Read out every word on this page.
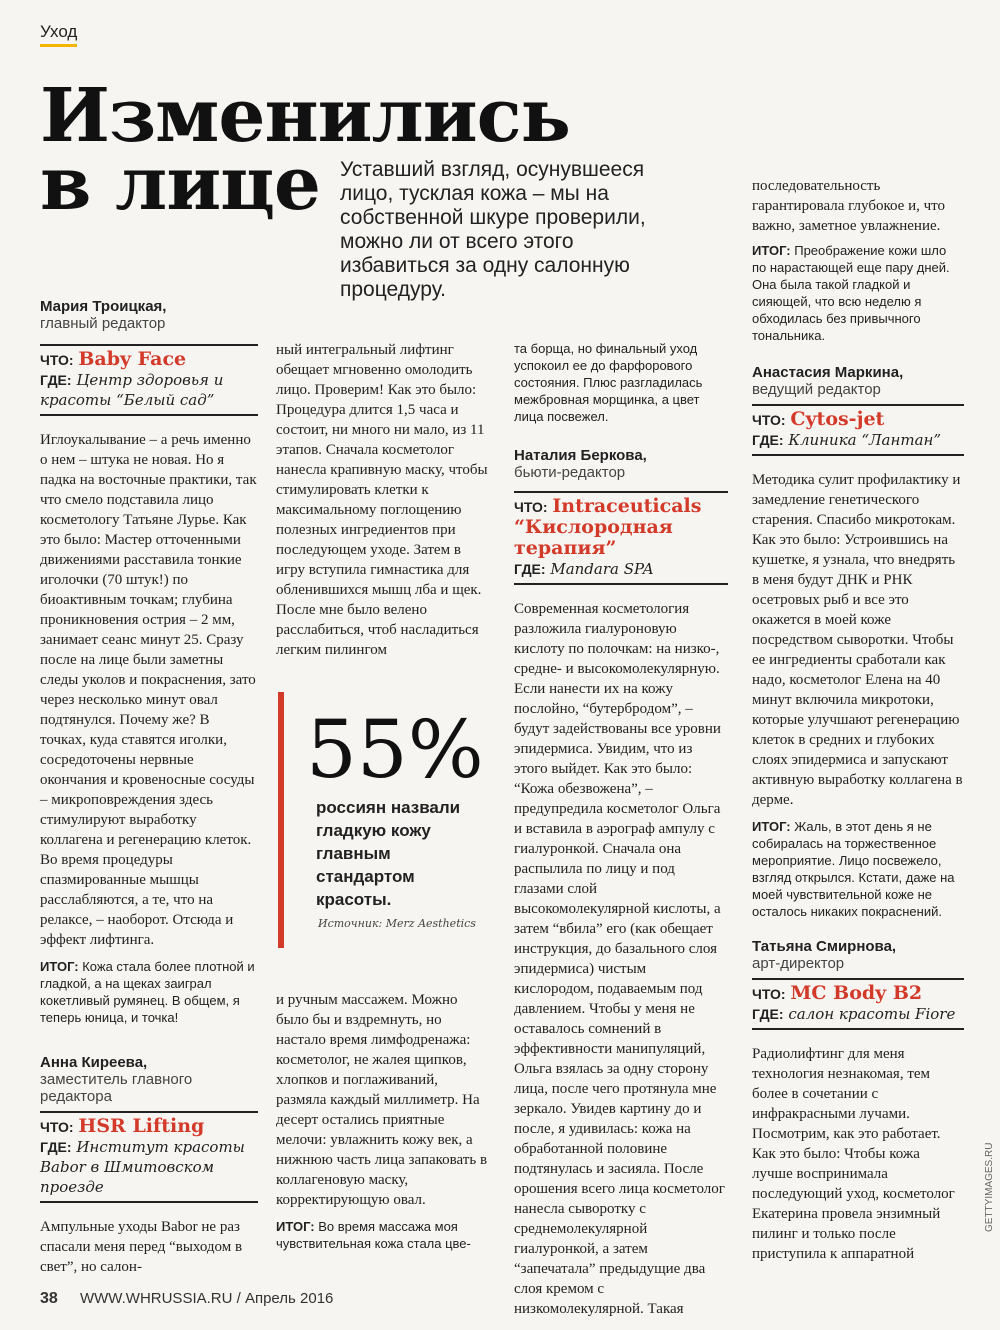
Уход
Изменились
в лице Уставший взгляд, осунувшееся лицо, тусклая кожа – мы на собственной шкуре проверили, можно ли от всего этого избавиться за одну салонную процедуру.
Мария Троицкая,
главный редактор
ЧТО: Baby Face
ГДЕ: Центр здоровья и красоты “Белый сад”
Иглоукалывание – а речь именно о нем – штука не новая. Но я падка на восточные практики, так что смело подставила лицо косметологу Татьяне Лурье. Как это было: Мастер отточенными движениями расставила тонкие иголочки (70 штук!) по биоактивным точкам; глубина проникновения острия – 2 мм, занимает сеанс минут 25. Сразу после на лице были заметны следы уколов и покраснения, зато через несколько минут овал подтянулся. Почему же? В точках, куда ставятся иголки, сосредоточены нервные окончания и кровеносные сосуды – микроповреждения здесь стимулируют выработку коллагена и регенерацию клеток. Во время процедуры спазмированные мышцы расслабляются, а те, что на релаксе, – наоборот. Отсюда и эффект лифтинга.
ИТОГ: Кожа стала более плотной и гладкой, а на щеках заиграл кокетливый румянец. В общем, я теперь юница, и точка!
Анна Киреева,
заместитель главного редактора
ЧТО: HSR Lifting
ГДЕ: Институт красоты Babor в Шмитовском проезде
Ампульные уходы Babor не раз спасали меня перед “выходом в свет”, но салон-
ный интегральный лифтинг обещает мгновенно омолодить лицо. Проверим! Как это было: Процедура длится 1,5 часа и состоит, ни много ни мало, из 11 этапов. Сначала косметолог нанесла крапивную маску, чтобы стимулировать клетки к максимальному поглощению полезных ингредиентов при последующем уходе. Затем в игру вступила гимнастика для обленившихся мышц лба и щек. После мне было велено расслабиться, чтоб насладиться легким пилингом
55%
россиян назвали гладкую кожу главным стандартом красоты.
Источник: Merz Aesthetics
и ручным массажем. Можно было бы и вздремнуть, но настало время лимфодренажа: косметолог, не жалея щипков, хлопков и поглаживаний, размяла каждый миллиметр. На десерт остались приятные мелочи: увлажнить кожу век, а нижнюю часть лица запаковать в коллагеновую маску, корректирующую овал.
ИТОГ: Во время массажа моя чувствительная кожа стала цве-
та борща, но финальный уход успокоил ее до фарфорового состояния. Плюс разгладилась межбровная морщинка, а цвет лица посвежел.
Наталия Беркова,
бьюти-редактор
ЧТО: Intraceuticals “Кислородная терапия”
ГДЕ: Mandara SPA
Современная косметология разложила гиалуроновую кислоту по полочкам: на низко-, средне- и высокомолекулярную. Если нанести их на кожу послойно, “бутербродом”, – будут задействованы все уровни эпидермиса. Увидим, что из этого выйдет. Как это было: “Кожа обезвожена”, – предупредила косметолог Ольга и вставила в аэрограф ампулу с гиалуронкой. Сначала она распылила по лицу и под глазами слой высокомолекулярной кислоты, а затем “вбила” его (как обещает инструкция, до базального слоя эпидермиса) чистым кислородом, подаваемым под давлением. Чтобы у меня не оставалось сомнений в эффективности манипуляций, Ольга взялась за одну сторону лица, после чего протянула мне зеркало. Увидев картину до и после, я удивилась: кожа на обработанной половине подтянулась и засияла. После орошения всего лица косметолог нанесла сыворотку с среднемолекулярной гиалуронкой, а затем “запечатала” предыдущие два слоя кремом с низкомолекулярной. Такая
последовательность гарантировала глубокое и, что важно, заметное увлажнение.
ИТОГ: Преображение кожи шло по нарастающей еще пару дней. Она была такой гладкой и сияющей, что всю неделю я обходилась без привычного тональника.
Анастасия Маркина,
ведущий редактор
ЧТО: Cytos-jet
ГДЕ: Клиника “Лантан”
Методика сулит профилактику и замедление генетического старения. Спасибо микротокам. Как это было: Устроившись на кушетке, я узнала, что внедрять в меня будут ДНК и РНК осетровых рыб и все это окажется в моей коже посредством сыворотки. Чтобы ее ингредиенты сработали как надо, косметолог Елена на 40 минут включила микротоки, которые улучшают регенерацию клеток в средних и глубоких слоях эпидермиса и запускают активную выработку коллагена в дерме.
ИТОГ: Жаль, в этот день я не собиралась на торжественное мероприятие. Лицо посвежело, взгляд открылся. Кстати, даже на моей чувствительной коже не осталось никаких покраснений.
Татьяна Смирнова,
арт-директор
ЧТО: MC Body B2
ГДЕ: салон красоты Fiore
Радиолифтинг для меня технология незнакомая, тем более в сочетании с инфракрасными лучами. Посмотрим, как это работает. Как это было: Чтобы кожа лучше воспринимала последующий уход, косметолог Екатерина провела энзимный пилинг и только после приступила к аппаратной
38 WWW.WHRUSSIA.RU / Апрель 2016
GETTYIMAGES.RU
